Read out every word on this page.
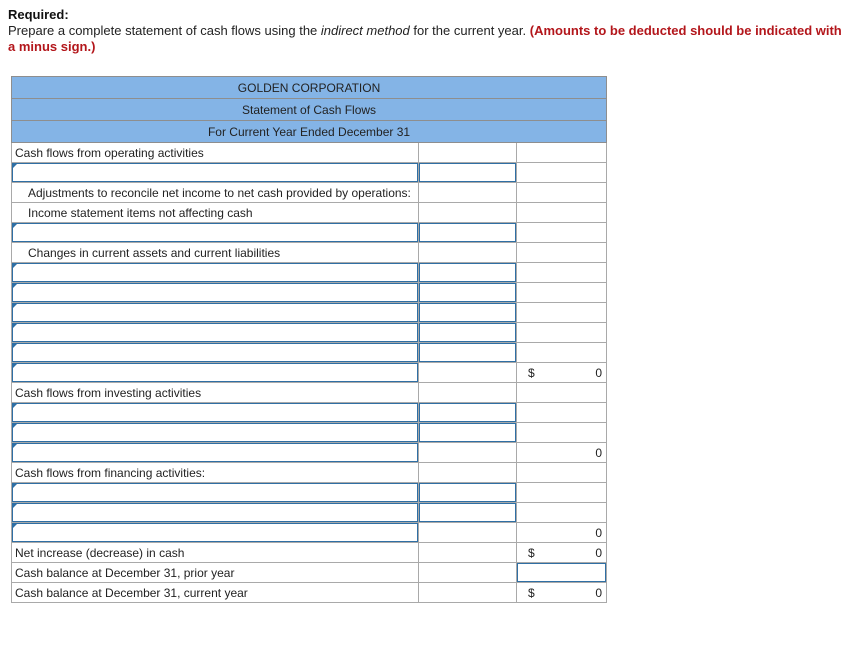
Required:
Prepare a complete statement of cash flows using the indirect method for the current year. (Amounts to be deducted should be indicated with a minus sign.)
GOLDEN CORPORATION		
Statement of Cash Flows		
For Current Year Ended December 31		
Cash flows from operating activities		

Adjustments to reconcile net income to net cash provided by operations:		
Income statement items not affecting cash		

Changes in current assets and current liabilities		

		$ 0

Cash flows from investing activities		

		0

Cash flows from financing activities:		

		0

Net increase (decrease) in cash		$ 0

Cash balance at December 31, prior year		

Cash balance at December 31, current year		$ 0
